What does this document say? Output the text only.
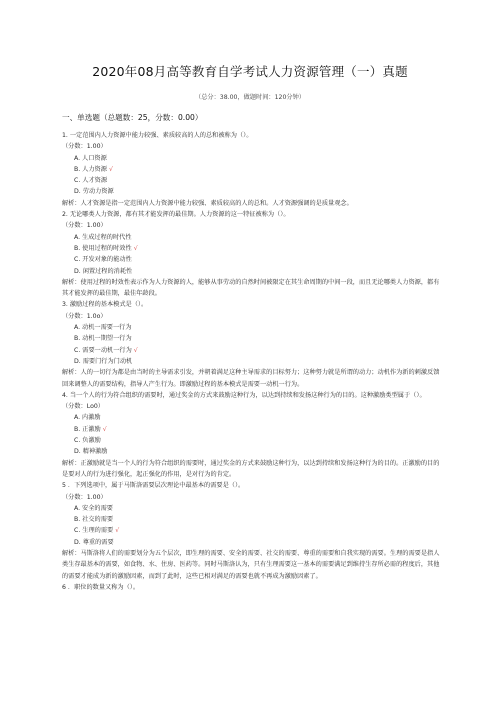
2020年08月高等教育自学考试人力资源管理（一）真题
（总分：38.00，做题时间：120分钟）
一、单选题（总题数：25，分数：0.00）
1. 一定范围内人力资源中能力较强、素质较高的人的总和被称为（）。
（分数：1.00）
A. 人口资源
B. 人力资源 √
C. 人才资源
D. 劳动力资源
解析：人才资源是指一定范围内人力资源中能力较强、素质较高的人的总和。人才资源强调的是质量观念。
2. 无论哪类人力资源，都有其才能发挥的最佳期。人力资源的这一特征被称为（）。
（分数：1.00）
A. 生成过程的时代性
B. 使用过程的时效性 √
C. 开发对象的能动性
D. 闲置过程的消耗性
解析：使用过程的时效性表示作为人力资源的人，能够从事劳动的自然时间被限定在其生命周期的中间一段，而且无论哪类人力资源，都有其才能发挥的最佳期，最佳年龄段。
3. 激励过程的基本模式是（）。
（分数：1.0o）
A. 动机一需要一行为
B. 动机一期望一行为
C. 需要一动机一行为 √
D. 需要门行为门动机
解析：人的一切行为都是由当时的主导需求引发，并朝着满足这种主导需求的目标努力；这种努力就是所谓的动力；动机作为新的刺激反馈回来调整人的需要结构，指导人产生行为。即激励过程的基本模式是需要一动机一行为。
4. 当一个人的行为符合组织的需要时，通过奖金的方式来鼓励这种行为，以达到持续和发扬这种行为的目的。这种激励类型属于（）。
（分数：Lo0）
A. 内激励
B. 正激励 √
C. 负激励
D. 精神激励
解析：正激励就是当一个人的行为符合组织的需要时，通过奖金的方式来鼓励这种行为，以达到持续和发扬这种行为的目的。正激励的目的是要对人的行为进行强化，起正强化的作用，是对行为的肯定。
5 ．下列选项中，属于马斯洛需要层次理论中最基本的需要是（）。
（分数：1.00）
A. 安全的需要
B. 社交的需要
C. 生理的需要 √
D. 尊重的需要
解析：马斯洛将人们的需要划分为五个层次，即生理的需要、安全的需要、社交的需要、尊重的需要和自我实现的需要。生理的需要是指人类生存最基本的需要，如食物、水、住房、医药等。同时马斯洛认为，只有生理需要这一基本的需要满足到维持生存所必需的程度后，其他的需要才能成为新的激励因素，而到了此时，这些已相对满足的需要也就不再成为激励因素了。
6 ．职位的数量又称为（）。
